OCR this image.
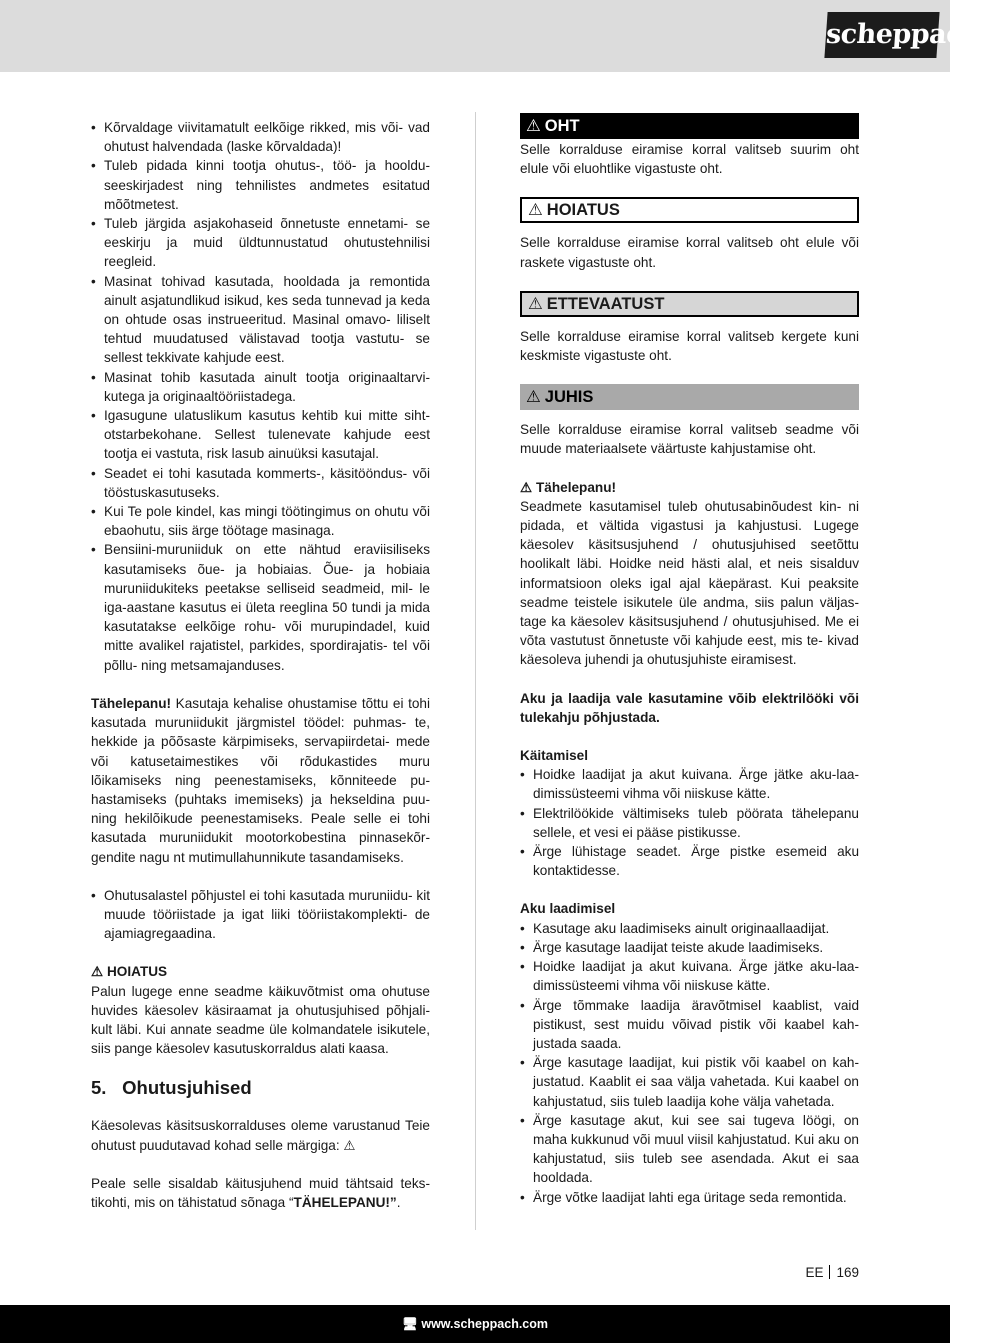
scheppach
• Kõrvaldage viivitamatult eelkõige rikked, mis või- vad ohutust halvendada (laske kõrvaldada)!
• Tuleb pidada kinni tootja ohutus-, töö- ja hooldu- seeskirjadest ning tehnilistes andmetes esitatud mõõtmetest.
• Tuleb järgida asjakohaseid õnnetuste ennetami- se eeskirju ja muid üldtunnustatud ohutustehnilisi reegleid.
• Masinat tohivad kasutada, hooldada ja remontida ainult asjatundlikud isikud, kes seda tunnevad ja keda on ohtude osas instrueeritud. Masinal omavo- liliselt tehtud muudatused välistavad tootja vastutu- se sellest tekkivate kahjude eest.
• Masinat tohib kasutada ainult tootja originaaltarvi- kutega ja originaaltööriistadega.
• Igasugune ulatuslikum kasutus kehtib kui mitte siht- otstarbekohane. Sellest tulenevate kahjude eest tootja ei vastuta, risk lasub ainuüksi kasutajal.
• Seadet ei tohi kasutada kommerts-, käsitööndus- või tööstuskasutuseks.
• Kui Te pole kindel, kas mingi töötingimus on ohutu või ebaohutu, siis ärge töötage masinaga.
• Bensiini-muruniiduk on ette nähtud eraviisiliseks kasutamiseks õue- ja hobiaias. Õue- ja hobiaia muruniidukiteks peetakse selliseid seadmeid, mil- le iga-aastane kasutus ei ületa reeglina 50 tundi ja mida kasutatakse eelkõige rohu- või murupindadel, kuid mitte avalikel rajatistel, parkides, spordirajatis- tel või põllu- ning metsamajanduses.

Tähelepanu! Kasutaja kehalise ohustamise tõttu ei tohi kasutada muruniidukit järgmistel töödel: puhmas- te, hekkide ja põõsaste kärpimiseks, servapiirdetai- mede või katusetaimestikes või rõdukastides muru lõikamiseks ning peenestamiseks, kõnniteede pu- hastamiseks (puhtaks imemiseks) ja hekseldina puu- ning hekilõikude peenestamiseks. Peale selle ei tohi kasutada muruniidukit mootorkobestina pinnasekõr- gendite nagu nt mutimullahunnikute tasandamiseks.

• Ohutusalastel põhjustel ei tohi kasutada muruniidu- kit muude tööriistade ja igat liiki tööriistakomplekti- de ajamiagregaadina.

⚠ HOIATUS

Palun lugege enne seadme käikuvõtmist oma ohutuse huvides käesolev käsiraamat ja ohutusjuhised põhjali- kult läbi. Kui annate seadme üle kolmandatele isikutele, siis pange käesolev kasutuskorraldus alati kaasa.

5. Ohutusjuhised

Käesolevas käsitsuskorralduses oleme varustanud Teie ohutust puudutavad kohad selle märgiga: ⚠

Peale selle sisaldab käitusjuhend muid tähtsaid teks- tikohti, mis on tähistatud sõnaga “TÄHELEPANU!”.

⚠ OHT

Selle korralduse eiramise korral valitseb suurim oht elule või eluohtlike vigastuste oht.

⚠ HOIATUS

Selle korralduse eiramise korral valitseb oht elule või raskete vigastuste oht.

⚠ ETTEVAATUST

Selle korralduse eiramise korral valitseb kergete kuni keskmiste vigastuste oht.

⚠ JUHIS

Selle korralduse eiramise korral valitseb seadme või muude materiaalsete väärtuste kahjustamise oht.

⚠ Tähelepanu!

Seadmete kasutamisel tuleb ohutusabinõudest kin- ni pidada, et vältida vigastusi ja kahjustusi. Lugege käesolev käsitsusjuhend / ohutusjuhised seetõttu hoolikalt läbi. Hoidke neid hästi alal, et neis sisalduv informatsioon oleks igal ajal käepärast. Kui peaksite seadme teistele isikutele üle andma, siis palun väljas- tage ka käesolev käsitsusjuhend / ohutusjuhised. Me ei võta vastutust õnnetuste või kahjude eest, mis te- kivad käesoleva juhendi ja ohutusjuhiste eiramisest.

Aku ja laadija vale kasutamine võib elektrilööki või tulekahju põhjustada.

Käitamisel

• Hoidke laadijat ja akut kuivana. Ärge jätke aku-laa- dimissüsteemi vihma või niiskuse kätte.
• Elektrilöökide vältimiseks tuleb pöörata tähelepanu sellele, et vesi ei pääse pistikusse.
• Ärge lühistage seadet. Ärge pistke esemeid aku kontaktidesse.

Aku laadimisel

• Kasutage aku laadimiseks ainult originaallaadijat.
• Ärge kasutage laadijat teiste akude laadimiseks.
• Hoidke laadijat ja akut kuivana. Ärge jätke aku-laa- dimissüsteemi vihma või niiskuse kätte.
• Ärge tõmmake laadija äravõtmisel kaablist, vaid pistikust, sest muidu võivad pistik või kaabel kah- justada saada.
• Ärge kasutage laadijat, kui pistik või kaabel on kah- justatud. Kaablit ei saa välja vahetada. Kui kaabel on kahjustatud, siis tuleb laadija kohe välja vahetada.
• Ärge kasutage akut, kui see sai tugeva löögi, on maha kukkunud või muul viisil kahjustatud. Kui aku on kahjustatud, siis tuleb see asendada. Akut ei saa hooldada.
• Ärge võtke laadijat lahti ega üritage seda remontida.
EE 169
🖥 www.scheppach.com
